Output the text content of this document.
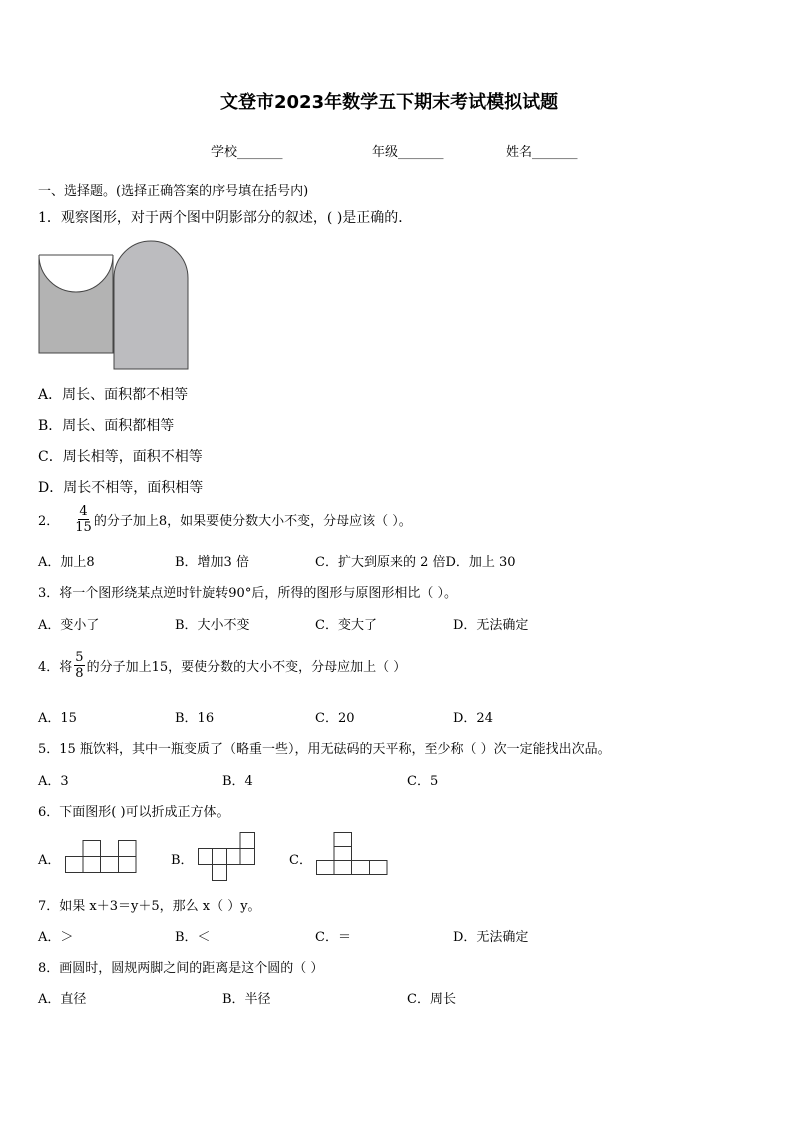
文登市2023年数学五下期末考试模拟试题
学校_______	年级_______	姓名_______
一、选择题。(选择正确答案的序号填在括号内)
1．观察图形，对于两个图中阴影部分的叙述，( )是正确的．
A．周长、面积都不相等
B．周长、面积都相等
C．周长相等，面积不相等
D．周长不相等，面积相等
2． $\frac{4}{15}$ 的分子加上8，如果要使分数大小不变，分母应该（ ）。
A．加上8	B．增加3 倍	C．扩大到原来的 2 倍D．加上 30
3．将一个图形绕某点逆时针旋转90°后，所得的图形与原图形相比（ ）。
A．变小了	B．大小不变	C．变大了	D．无法确定
4．将 $\frac{5}{8}$ 的分子加上15，要使分数的大小不变，分母应加上（ ）
A．15	B．16	C．20	D．24
5．15 瓶饮料，其中一瓶变质了（略重一些），用无砝码的天平称，至少称（ ）次一定能找出次品。
A．3	B．4	C．5
6．下面图形( )可以折成正方体。
A．	B．	C．
7．如果 x＋3＝y＋5，那么 x（ ）y。
A．＞	B．＜	C．＝	D．无法确定
8．画圆时，圆规两脚之间的距离是这个圆的（ ）
A．直径	B．半径	C．周长
